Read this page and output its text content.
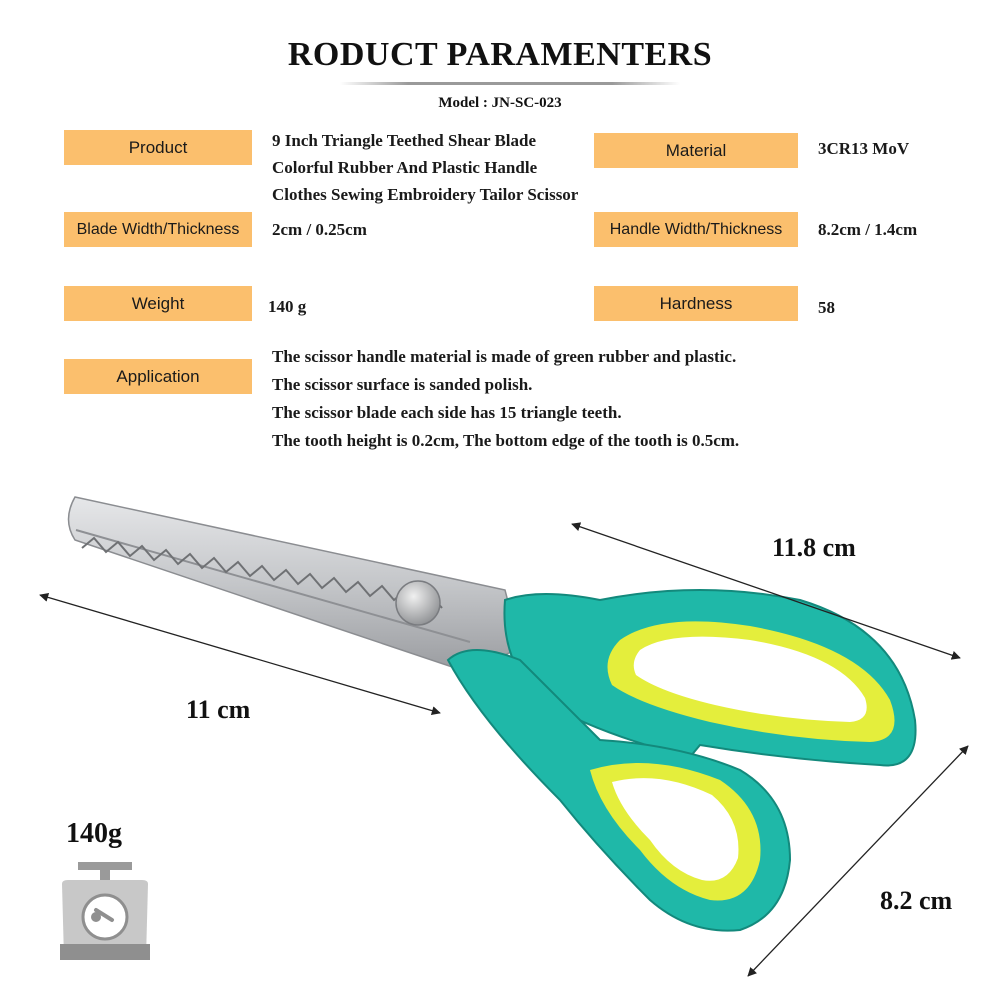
RODUCT PARAMENTERS
Model : JN-SC-023
Product	9 Inch Triangle Teethed Shear Blade
Colorful Rubber And Plastic Handle
Clothes Sewing Embroidery Tailor Scissor
Material	3CR13 MoV
Blade Width/Thickness	2cm / 0.25cm	Handle Width/Thickness	8.2cm / 1.4cm
Weight	140 g	Hardness	58
Application
The scissor handle material is made of green rubber and plastic.
The scissor surface is sanded polish.
The scissor blade each side has 15 triangle teeth.
The tooth height is 0.2cm, The bottom edge of the tooth is 0.5cm.
11.8 cm
11 cm
8.2 cm
140g
